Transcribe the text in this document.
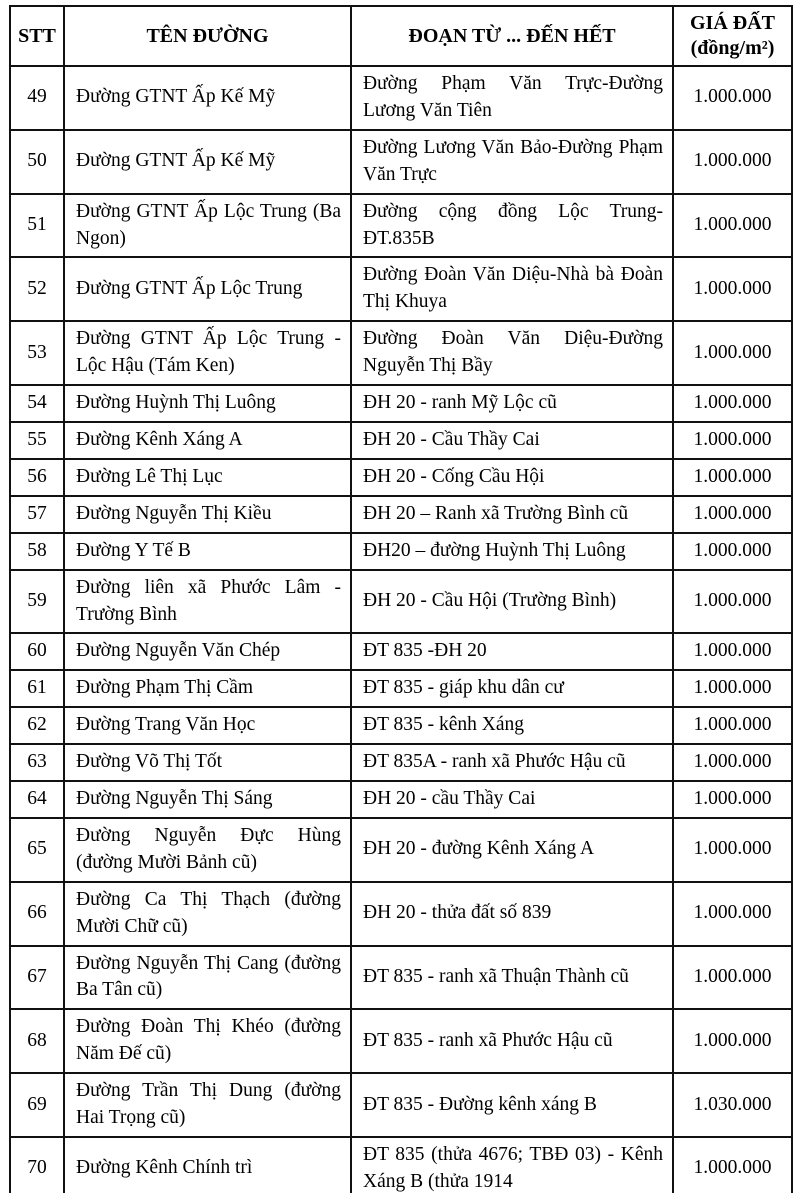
STT	TÊN ĐƯỜNG	ĐOẠN TỪ ... ĐẾN HẾT	GIÁ ĐẤT
(đồng/m²)

49	Đường GTNT Ấp Kế Mỹ	Đường Phạm Văn Trực-Đường Lương Văn Tiên	1.000.000
50	Đường GTNT Ấp Kế Mỹ	Đường Lương Văn Bảo-Đường Phạm Văn Trực	1.000.000
51	Đường GTNT Ấp Lộc Trung (Ba Ngon)	Đường cộng đồng Lộc Trung-ĐT.835B	1.000.000
52	Đường GTNT Ấp Lộc Trung	Đường Đoàn Văn Diệu-Nhà bà Đoàn Thị Khuya	1.000.000
53	Đường GTNT Ấp Lộc Trung - Lộc Hậu (Tám Ken)	Đường Đoàn Văn Diệu-Đường Nguyễn Thị Bầy	1.000.000
54	Đường Huỳnh Thị Luông	ĐH 20 - ranh Mỹ Lộc cũ	1.000.000
55	Đường Kênh Xáng A	ĐH 20 - Cầu Thầy Cai	1.000.000
56	Đường Lê Thị Lục	ĐH 20 - Cống Cầu Hội	1.000.000
57	Đường Nguyễn Thị Kiều	ĐH 20 – Ranh xã Trường Bình cũ	1.000.000
58	Đường Y Tế B	ĐH20 – đường Huỳnh Thị Luông	1.000.000
59	Đường liên xã Phước Lâm - Trường Bình	ĐH 20 - Cầu Hội (Trường Bình)	1.000.000
60	Đường Nguyễn Văn Chép	ĐT 835 -ĐH 20	1.000.000
61	Đường Phạm Thị Cầm	ĐT 835 - giáp khu dân cư	1.000.000
62	Đường Trang Văn Học	ĐT 835 - kênh Xáng	1.000.000
63	Đường Võ Thị Tốt	ĐT 835A - ranh xã Phước Hậu cũ	1.000.000
64	Đường Nguyễn Thị Sáng	ĐH 20 - cầu Thầy Cai	1.000.000
65	Đường Nguyễn Đực Hùng (đường Mười Bảnh cũ)	ĐH 20 - đường Kênh Xáng A	1.000.000
66	Đường Ca Thị Thạch (đường Mười Chữ cũ)	ĐH 20 - thửa đất số 839	1.000.000
67	Đường Nguyễn Thị Cang (đường Ba Tân cũ)	ĐT 835 - ranh xã Thuận Thành cũ	1.000.000
68	Đường Đoàn Thị Khéo (đường Năm Đế cũ)	ĐT 835 - ranh xã Phước Hậu cũ	1.000.000
69	Đường Trần Thị Dung (đường Hai Trọng cũ)	ĐT 835 - Đường kênh xáng B	1.030.000
70	Đường Kênh Chính trì	ĐT 835 (thửa 4676; TBĐ 03) - Kênh Xáng B (thửa 1914	1.000.000
